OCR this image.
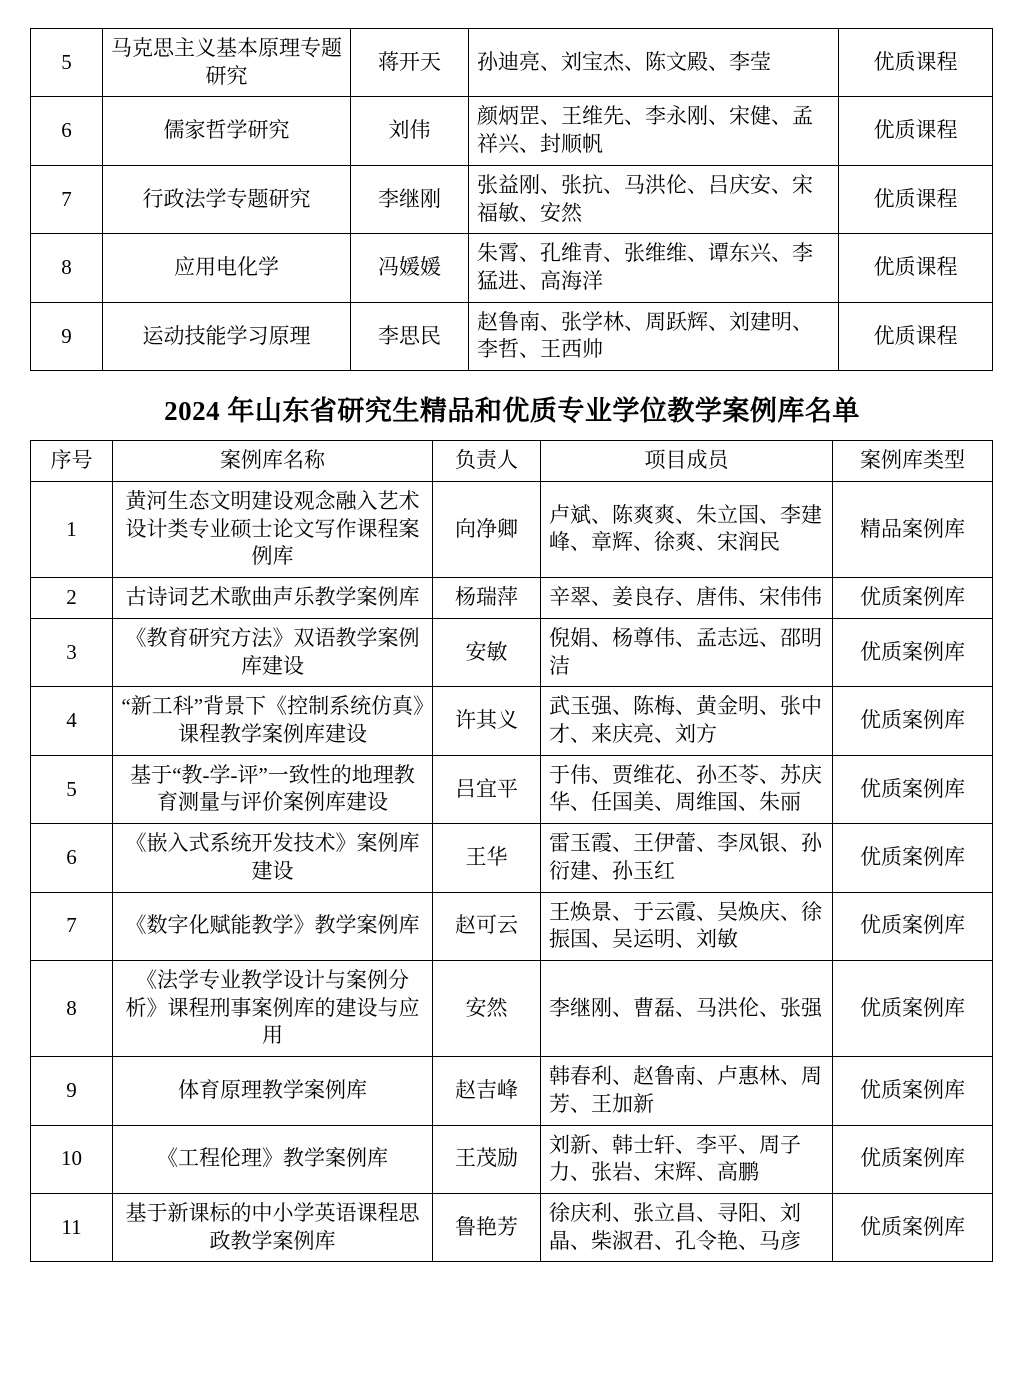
5	马克思主义基本原理专题研究	蒋开天	孙迪亮、刘宝杰、陈文殿、李莹	优质课程
6	儒家哲学研究	刘伟	颜炳罡、王维先、李永刚、宋健、孟祥兴、封顺帆	优质课程
7	行政法学专题研究	李继刚	张益刚、张抗、马洪伦、吕庆安、宋福敏、安然	优质课程
8	应用电化学	冯媛媛	朱霄、孔维青、张维维、谭东兴、李猛进、高海洋	优质课程
9	运动技能学习原理	李思民	赵鲁南、张学林、周跃辉、刘建明、李哲、王西帅	优质课程
2024 年山东省研究生精品和优质专业学位教学案例库名单
序号	案例库名称	负责人	项目成员	案例库类型
1	黄河生态文明建设观念融入艺术设计类专业硕士论文写作课程案例库	向净卿	卢斌、陈爽爽、朱立国、李建峰、章辉、徐爽、宋润民	精品案例库
2	古诗词艺术歌曲声乐教学案例库	杨瑞萍	辛翠、姜良存、唐伟、宋伟伟	优质案例库
3	《教育研究方法》双语教学案例库建设	安敏	倪娟、杨尊伟、孟志远、邵明洁	优质案例库
4	“新工科”背景下《控制系统仿真》课程教学案例库建设	许其义	武玉强、陈梅、黄金明、张中才、来庆亮、刘方	优质案例库
5	基于“教-学-评”一致性的地理教育测量与评价案例库建设	吕宜平	于伟、贾维花、孙丕苓、苏庆华、任国美、周维国、朱丽	优质案例库
6	《嵌入式系统开发技术》案例库建设	王华	雷玉霞、王伊蕾、李凤银、孙衍建、孙玉红	优质案例库
7	《数字化赋能教学》教学案例库	赵可云	王焕景、于云霞、吴焕庆、徐振国、吴运明、刘敏	优质案例库
8	《法学专业教学设计与案例分析》课程刑事案例库的建设与应用	安然	李继刚、曹磊、马洪伦、张强	优质案例库
9	体育原理教学案例库	赵吉峰	韩春利、赵鲁南、卢惠林、周芳、王加新	优质案例库
10	《工程伦理》教学案例库	王茂励	刘新、韩士轩、李平、周子力、张岩、宋辉、高鹏	优质案例库
11	基于新课标的中小学英语课程思政教学案例库	鲁艳芳	徐庆利、张立昌、寻阳、刘晶、柴淑君、孔令艳、马彦	优质案例库
